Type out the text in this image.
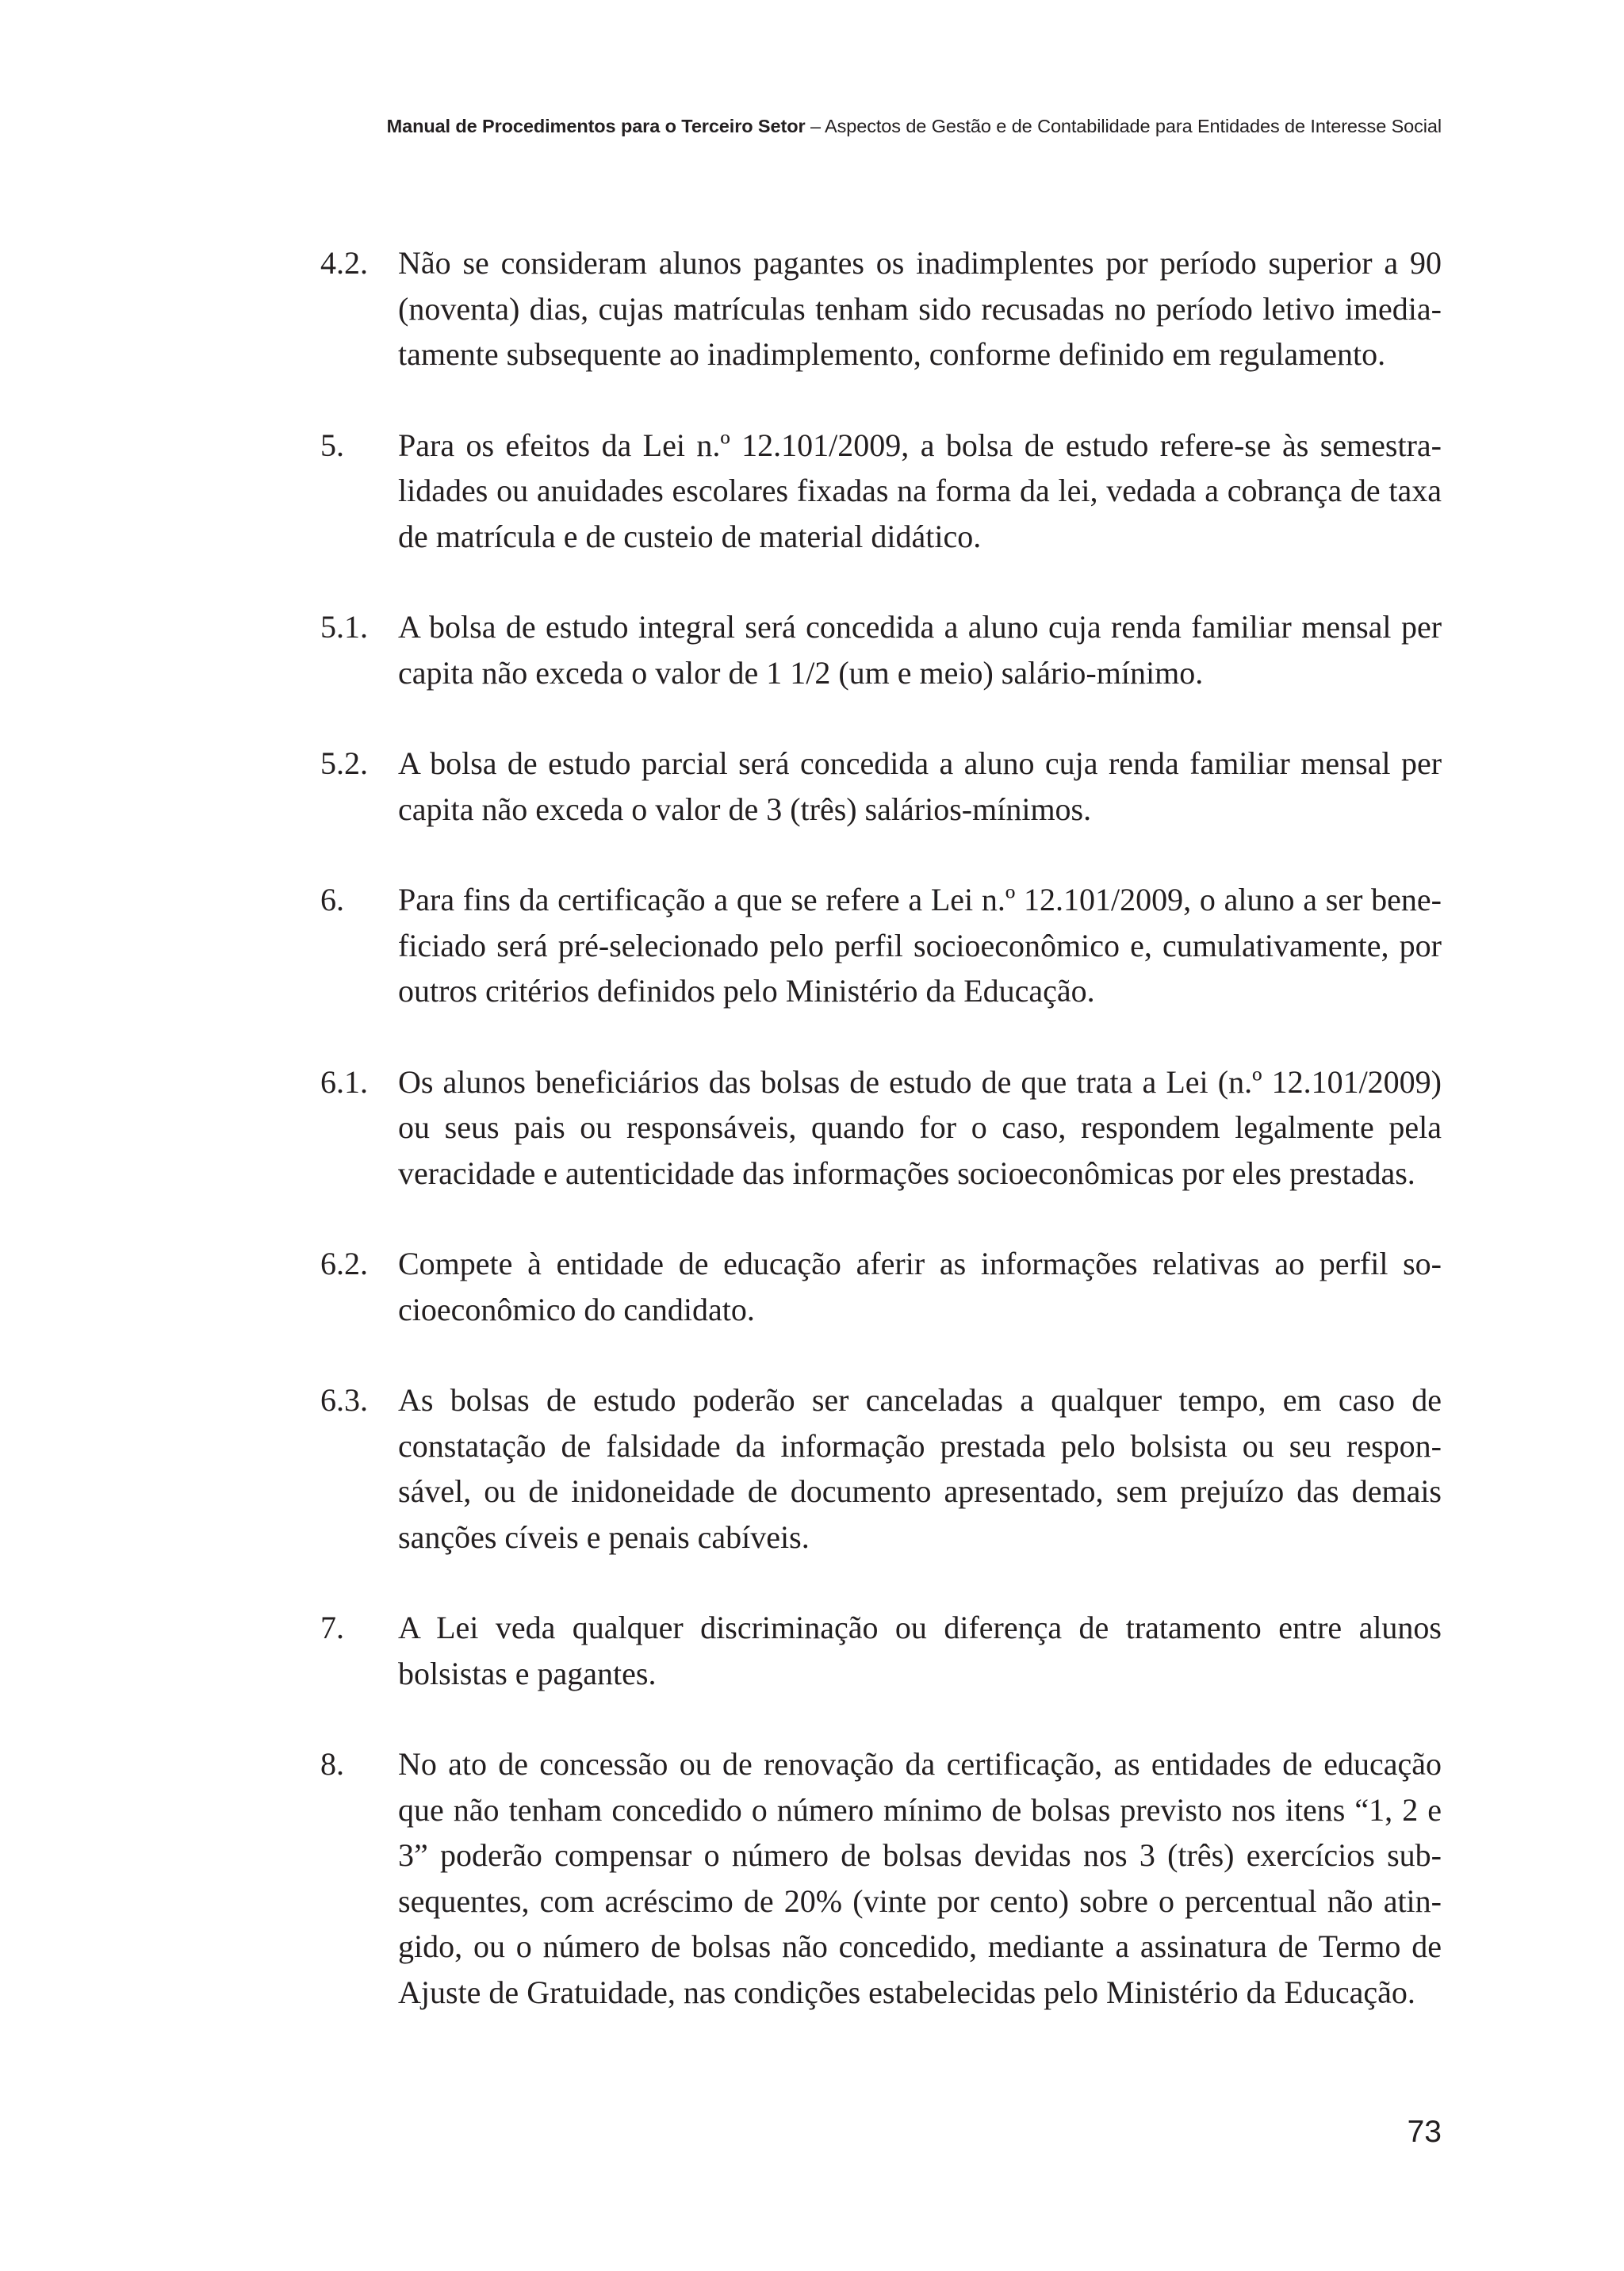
Manual de Procedimentos para o Terceiro Setor – Aspectos de Gestão e de Contabilidade para Entidades de Interesse Social
4.2. Não se consideram alunos pagantes os inadimplentes por período superior a 90 (noventa) dias, cujas matrículas tenham sido recusadas no período letivo imedia- tamente subsequente ao inadimplemento, conforme definido em regulamento.
5.	Para os efeitos da Lei n.º 12.101/2009, a bolsa de estudo refere-se às semestra- lidades ou anuidades escolares fixadas na forma da lei, vedada a cobrança de taxa de matrícula e de custeio de material didático.
5.1. A bolsa de estudo integral será concedida a aluno cuja renda familiar mensal per capita não exceda o valor de 1 1/2 (um e meio) salário-mínimo.
5.2. A bolsa de estudo parcial será concedida a aluno cuja renda familiar mensal per capita não exceda o valor de 3 (três) salários-mínimos.
6.	Para fins da certificação a que se refere a Lei n.º 12.101/2009, o aluno a ser bene- ficiado será pré-selecionado pelo perfil socioeconômico e, cumulativamente, por outros critérios definidos pelo Ministério da Educação.
6.1. Os alunos beneficiários das bolsas de estudo de que trata a Lei (n.º 12.101/2009) ou seus pais ou responsáveis, quando for o caso, respondem legalmente pela veracidade e autenticidade das informações socioeconômicas por eles prestadas.
6.2. Compete à entidade de educação aferir as informações relativas ao perfil so- cioeconômico do candidato.
6.3. As bolsas de estudo poderão ser canceladas a qualquer tempo, em caso de constatação de falsidade da informação prestada pelo bolsista ou seu respon- sável, ou de inidoneidade de documento apresentado, sem prejuízo das demais sanções cíveis e penais cabíveis.
7.	A Lei veda qualquer discriminação ou diferença de tratamento entre alunos bolsistas e pagantes.
8.	No ato de concessão ou de renovação da certificação, as entidades de educação que não tenham concedido o número mínimo de bolsas previsto nos itens “1, 2 e 3” poderão compensar o número de bolsas devidas nos 3 (três) exercícios sub- sequentes, com acréscimo de 20% (vinte por cento) sobre o percentual não atin- gido, ou o número de bolsas não concedido, mediante a assinatura de Termo de Ajuste de Gratuidade, nas condições estabelecidas pelo Ministério da Educação.
73
